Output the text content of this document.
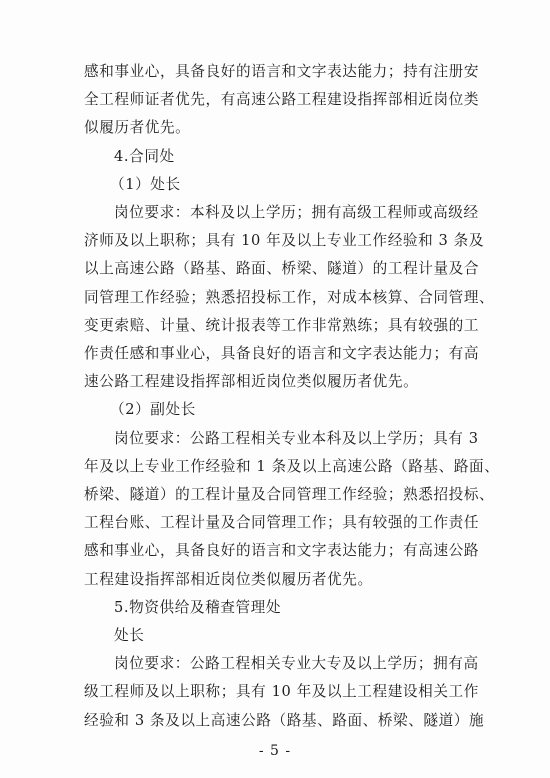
感和事业心，具备良好的语言和文字表达能力；持有注册安
全工程师证者优先，有高速公路工程建设指挥部相近岗位类
似履历者优先。
4.合同处
（1）处长
岗位要求：本科及以上学历；拥有高级工程师或高级经
济师及以上职称；具有 10 年及以上专业工作经验和 3 条及
以上高速公路（路基、路面、桥梁、隧道）的工程计量及合
同管理工作经验；熟悉招投标工作，对成本核算、合同管理、
变更索赔、计量、统计报表等工作非常熟练；具有较强的工
作责任感和事业心，具备良好的语言和文字表达能力；有高
速公路工程建设指挥部相近岗位类似履历者优先。
（2）副处长
岗位要求：公路工程相关专业本科及以上学历；具有 3
年及以上专业工作经验和 1 条及以上高速公路（路基、路面、
桥梁、隧道）的工程计量及合同管理工作经验；熟悉招投标、
工程台账、工程计量及合同管理工作；具有较强的工作责任
感和事业心，具备良好的语言和文字表达能力；有高速公路
工程建设指挥部相近岗位类似履历者优先。
5.物资供给及稽查管理处
处长
岗位要求：公路工程相关专业大专及以上学历；拥有高
级工程师及以上职称；具有 10 年及以上工程建设相关工作
经验和 3 条及以上高速公路（路基、路面、桥梁、隧道）施
- 5 -
